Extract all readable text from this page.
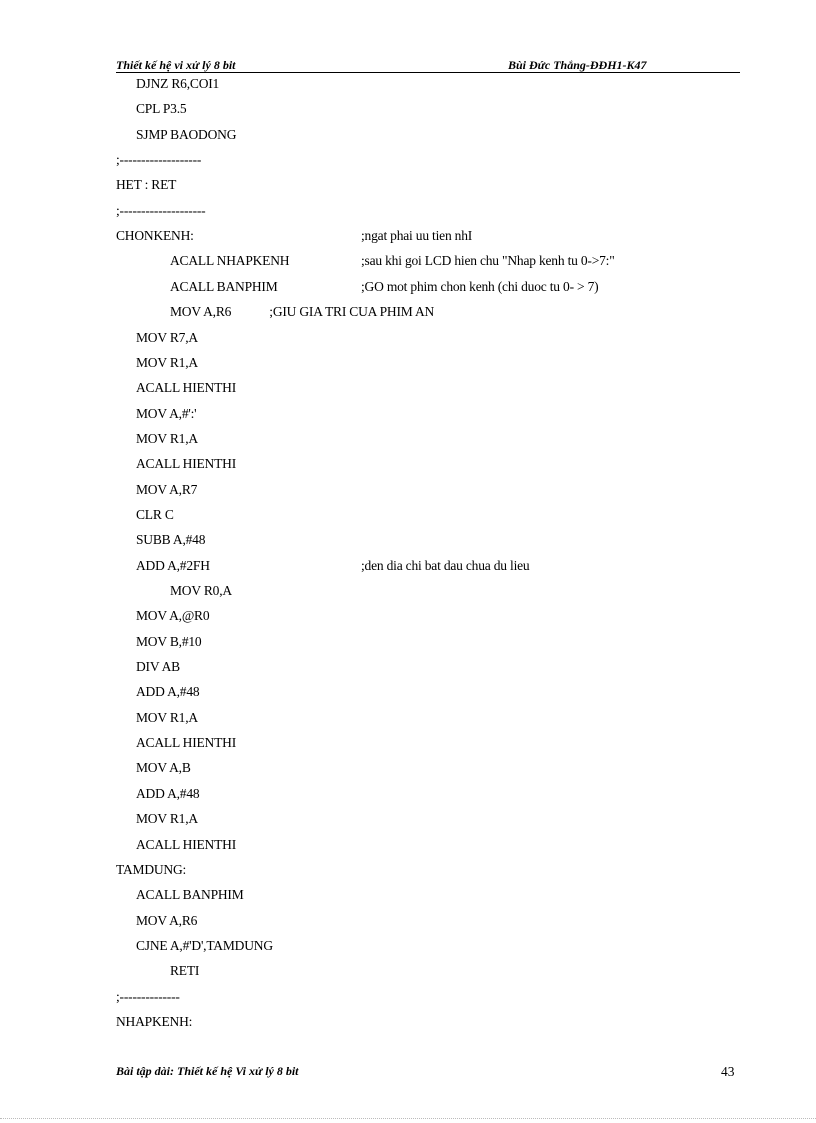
Thiết kế hệ vi xử lý 8 bit	Bùi Đức Thắng-ĐĐH1-K47
DJNZ R6,COI1
CPL P3.5
SJMP BAODONG
;-------------------
HET : RET
;--------------------
CHONKENH:	;ngat phai uu tien nhI
ACALL NHAPKENH	;sau khi goi LCD hien chu "Nhap kenh tu 0->7:"
ACALL BANPHIM	;GO mot phim chon kenh (chi duoc tu 0- > 7)
MOV A,R6            ;GIU GIA TRI CUA PHIM AN
MOV R7,A
MOV R1,A
ACALL HIENTHI
MOV A,#':'
MOV R1,A
ACALL HIENTHI
MOV A,R7
CLR C
SUBB A,#48
ADD A,#2FH	;den dia chi bat dau chua du lieu
MOV R0,A
MOV A,@R0
MOV B,#10
DIV AB
ADD A,#48
MOV R1,A
ACALL HIENTHI
MOV A,B
ADD A,#48
MOV R1,A
ACALL HIENTHI
TAMDUNG:
ACALL BANPHIM
MOV A,R6
CJNE A,#'D',TAMDUNG
RETI
;--------------
NHAPKENH:
Bài tập dài: Thiết kế hệ Vi xử lý 8 bit	43
